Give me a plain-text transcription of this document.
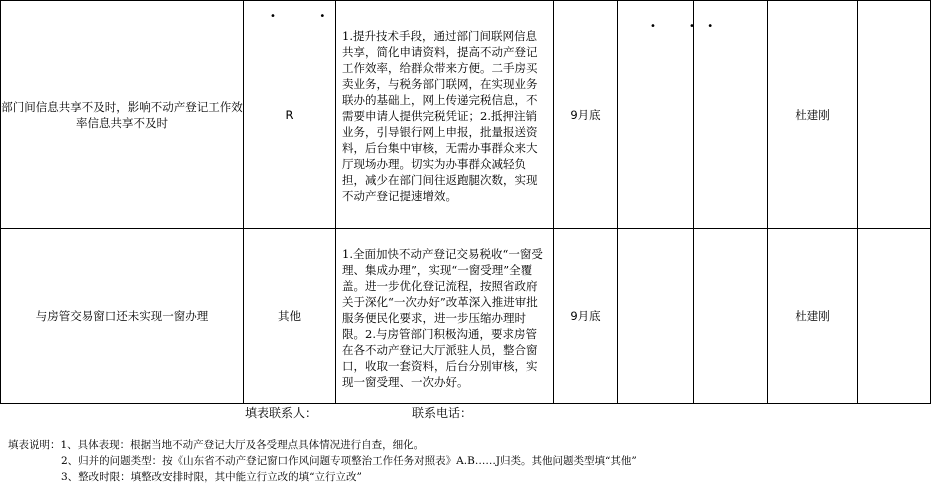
部门间信息共享不及时，影响不动产登记工作效率信息共享不及时	R	1.提升技术手段，通过部门间联网信息共享，简化申请资料，提高不动产登记工作效率，给群众带来方便。二手房买卖业务，与税务部门联网，在实现业务联办的基础上，网上传递完税信息，不需要申请人提供完税凭证；2.抵押注销业务，引导银行网上申报，批量报送资料，后台集中审核，无需办事群众来大厅现场办理。切实为办事群众减轻负担，减少在部门间往返跑腿次数，实现不动产登记提速增效。	9月底			杜建刚	
与房管交易窗口还未实现一窗办理	其他	1.全面加快不动产登记交易税收“一窗受理、集成办理”，实现“一窗受理”全覆盖。进一步优化登记流程，按照省政府关于深化“一次办好”改革深入推进审批服务便民化要求，进一步压缩办理时限。2.与房管部门积极沟通，要求房管在各不动产登记大厅派驻人员，整合窗口，收取一套资料，后台分别审核，实现一窗受理、一次办好。	9月底			杜建刚	
•        •
•      •  •
填表联系人：	联系电话：
填表说明：1、具体表现：根据当地不动产登记大厅及各受理点具体情况进行自查，细化。
2、归并的问题类型：按《山东省不动产登记窗口作风问题专项整治工作任务对照表》A.B……J归类。其他问题类型填“其他”
3、整改时限：填整改安排时限，其中能立行立改的填“立行立改”
